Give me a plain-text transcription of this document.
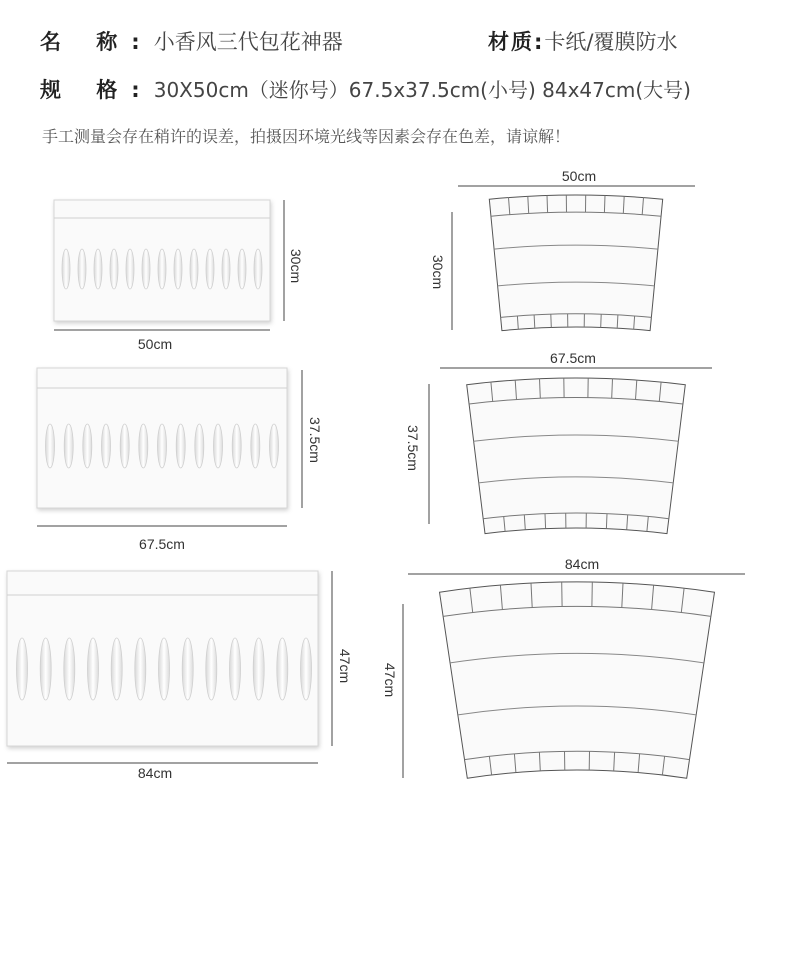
名 称:小香风三代包花神器	材质:卡纸/覆膜防水
规 格:30X50cm（迷你号）67.5x37.5cm(小号) 84x47cm(大号)
手工测量会存在稍许的误差，拍摄因环境光线等因素会存在色差，请谅解！
50cm
30cm
67.5cm
37.5cm
84cm
47cm
50cm
30cm
67.5cm
37.5cm
84cm
47cm
